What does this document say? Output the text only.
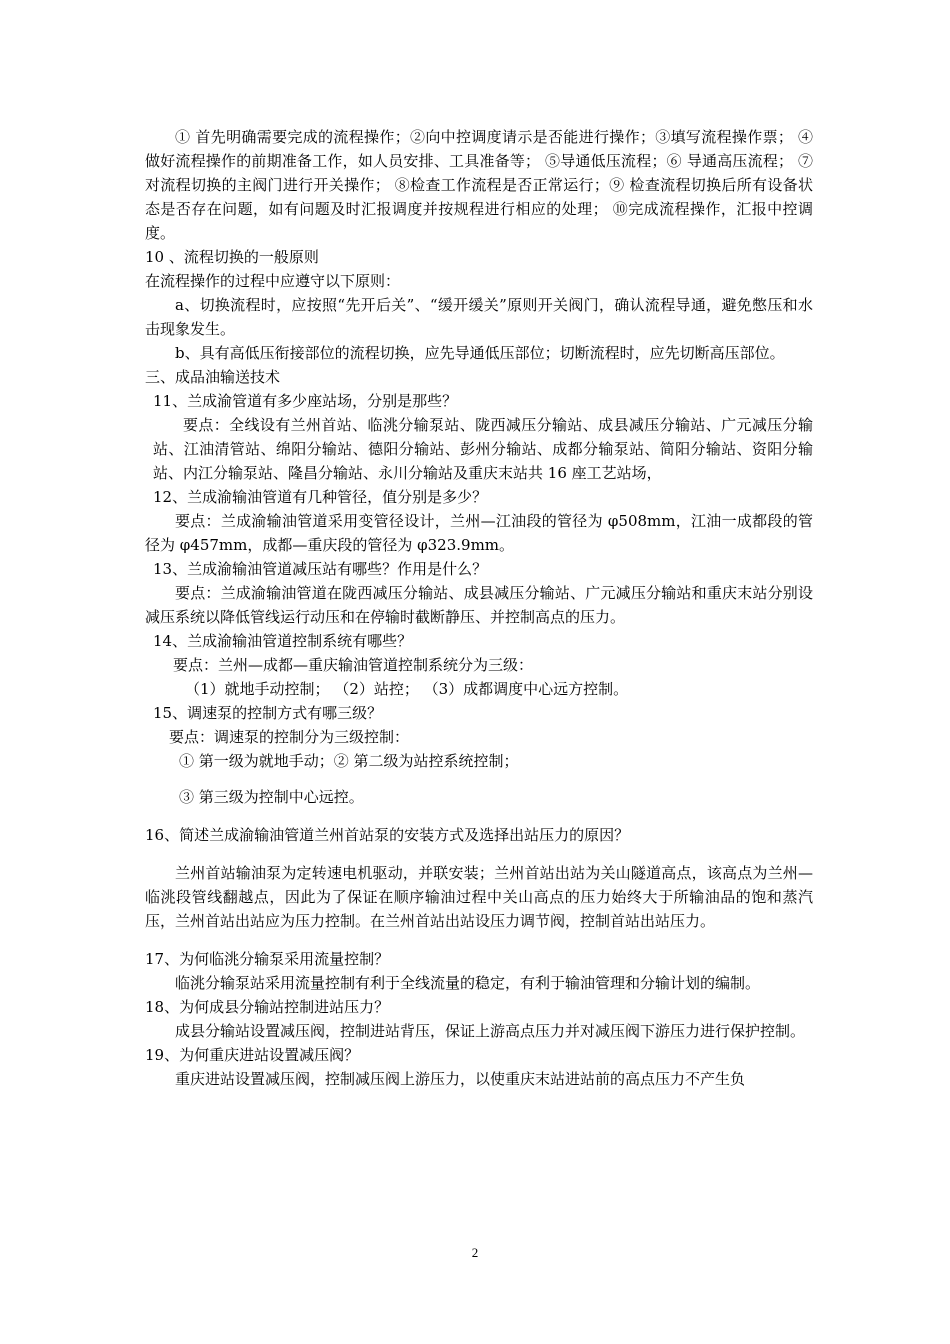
① 首先明确需要完成的流程操作；②向中控调度请示是否能进行操作；③填写流程操作票； ④做好流程操作的前期准备工作，如人员安排、工具准备等； ⑤导通低压流程；⑥ 导通高压流程； ⑦对流程切换的主阀门进行开关操作； ⑧检查工作流程是否正常运行；⑨ 检查流程切换后所有设备状态是否存在问题，如有问题及时汇报调度并按规程进行相应的处理； ⑩完成流程操作，汇报中控调度。

10 、流程切换的一般原则

在流程操作的过程中应遵守以下原则：

a、切换流程时，应按照“先开后关”、“缓开缓关”原则开关阀门，确认流程导通，避免憋压和水击现象发生。

b、具有高低压衔接部位的流程切换，应先导通低压部位；切断流程时，应先切断高压部位。

三、成品油输送技术

11、兰成渝管道有多少座站场，分别是那些？

要点：全线设有兰州首站、临洮分输泵站、陇西减压分输站、成县减压分输站、广元减压分输站、江油清管站、绵阳分输站、德阳分输站、彭州分输站、成都分输泵站、简阳分输站、资阳分输站、内江分输泵站、隆昌分输站、永川分输站及重庆末站共 16 座工艺站场，

12、兰成渝输油管道有几种管径，值分别是多少？

要点：兰成渝输油管道采用变管径设计，兰州—江油段的管径为 φ508mm，江油一成都段的管径为 φ457mm，成都—重庆段的管径为 φ323.9mm。

13、兰成渝输油管道减压站有哪些？作用是什么？

要点：兰成渝输油管道在陇西减压分输站、成县减压分输站、广元减压分输站和重庆末站分别设减压系统以降低管线运行动压和在停输时截断静压、并控制高点的压力。

14、兰成渝输油管道控制系统有哪些？

要点：兰州—成都—重庆输油管道控制系统分为三级：

（1）就地手动控制； （2）站控； （3）成都调度中心远方控制。

15、调速泵的控制方式有哪三级？

要点：调速泵的控制分为三级控制：

① 第一级为就地手动；② 第二级为站控系统控制；

③ 第三级为控制中心远控。

16、简述兰成渝输油管道兰州首站泵的安装方式及选择出站压力的原因？

兰州首站输油泵为定转速电机驱动，并联安装；兰州首站出站为关山隧道高点，该高点为兰州—临洮段管线翻越点，因此为了保证在顺序输油过程中关山高点的压力始终大于所输油品的饱和蒸汽压，兰州首站出站应为压力控制。在兰州首站出站设压力调节阀，控制首站出站压力。

17、为何临洮分输泵采用流量控制？

临洮分输泵站采用流量控制有利于全线流量的稳定，有利于输油管理和分输计划的编制。

18、为何成县分输站控制进站压力？

成县分输站设置减压阀，控制进站背压，保证上游高点压力并对减压阀下游压力进行保护控制。

19、为何重庆进站设置减压阀？

重庆进站设置减压阀，控制减压阀上游压力，以使重庆末站进站前的高点压力不产生负

2
